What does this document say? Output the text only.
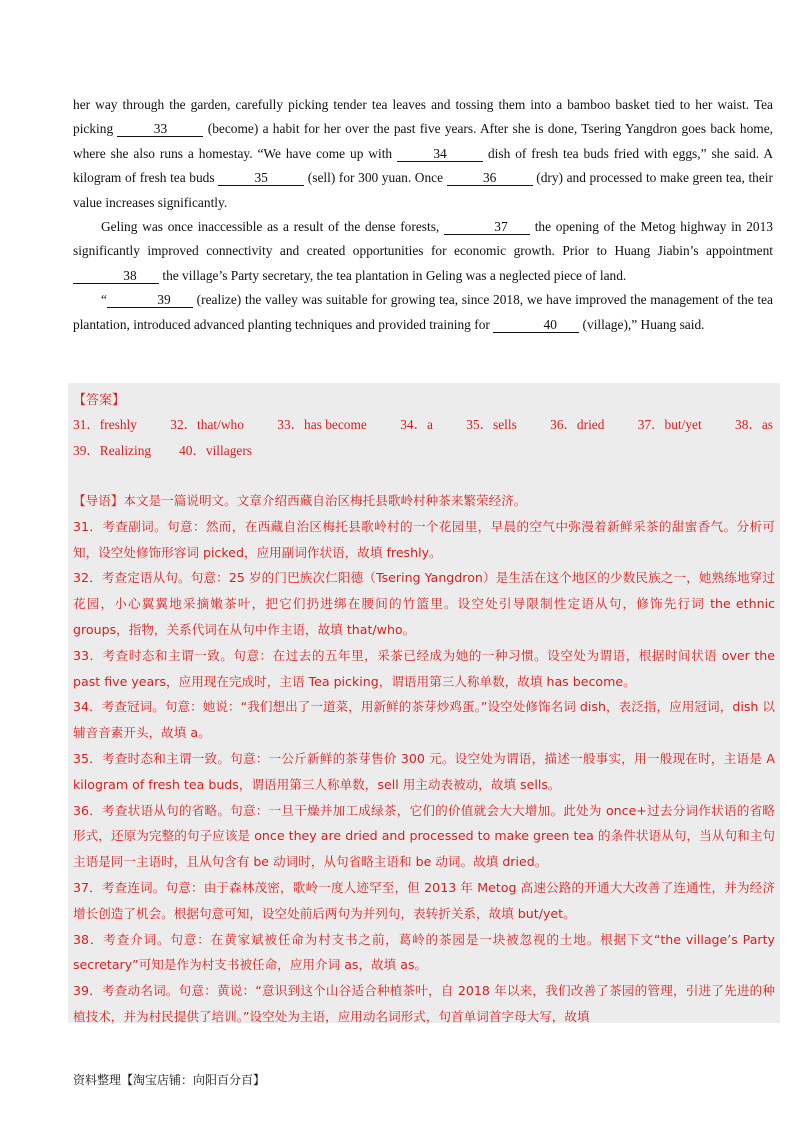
her way through the garden, carefully picking tender tea leaves and tossing them into a bamboo basket tied to her waist. Tea picking	33	(become) a habit for her over the past five years. After she is done, Tsering Yangdron goes back home, where she also runs a homestay. “We have come up with	34	dish of fresh tea buds fried with eggs,” she said. A kilogram of fresh tea buds	35	(sell) for 300 yuan. Once	36	(dry) and processed to make green tea, their value increases significantly.

Geling was once inaccessible as a result of the dense forests,	37 the opening of the Metog highway in 2013 significantly improved connectivity and created opportunities for economic growth. Prior to Huang Jiabin’s appointment 38 the village’s Party secretary, the tea plantation in Geling was a neglected piece of land.

“	39 (realize) the valley was suitable for growing tea, since 2018, we have improved the management of the tea plantation, introduced advanced planting techniques and provided training for	40 (village),” Huang said.

【答案】
31．freshly 32．that/who 33．has become 34．a 35．sells 36．dried 37．but/yet 38．as
39．Realizing 40．villagers

【导语】本文是一篇说明文。文章介绍西藏自治区梅托县歌岭村种茶来繁荣经济。

31．考查副词。句意：然而，在西藏自治区梅托县歌岭村的一个花园里，早晨的空气中弥漫着新鲜采茶的甜蜜香气。分析可知，设空处修饰形容词 picked，应用副词作状语，故填 freshly。

32．考查定语从句。句意：25 岁的门巴族次仁阳德（Tsering Yangdron）是生活在这个地区的少数民族之一，她熟练地穿过花园，小心翼翼地采摘嫩茶叶，把它们扔进绑在腰间的竹篮里。设空处引导限制性定语从句，修饰先行词 the ethnic groups，指物，关系代词在从句中作主语，故填 that/who。

33．考查时态和主谓一致。句意：在过去的五年里，采茶已经成为她的一种习惯。设空处为谓语，根据时间状语 over the past five years，应用现在完成时，主语 Tea picking，谓语用第三人称单数，故填 has become。

34．考查冠词。句意：她说：“我们想出了一道菜，用新鲜的茶芽炒鸡蛋。”设空处修饰名词 dish，表泛指，应用冠词，dish 以辅音音素开头，故填 a。

35．考查时态和主谓一致。句意：一公斤新鲜的茶芽售价 300 元。设空处为谓语，描述一般事实，用一般现在时，主语是 A kilogram of fresh tea buds，谓语用第三人称单数，sell 用主动表被动，故填 sells。

36．考查状语从句的省略。句意：一旦干燥并加工成绿茶，它们的价值就会大大增加。此处为 once+过去分词作状语的省略形式，还原为完整的句子应该是 once they are dried and processed to make green tea 的条件状语从句，当从句和主句主语是同一主语时，且从句含有 be 动词时，从句省略主语和 be 动词。故填 dried。

37．考查连词。句意：由于森林茂密，歌岭一度人迹罕至，但 2013 年 Metog 高速公路的开通大大改善了连通性，并为经济增长创造了机会。根据句意可知，设空处前后两句为并列句，表转折关系，故填 but/yet。

38．考查介词。句意：在黄家斌被任命为村支书之前，葛岭的茶园是一块被忽视的土地。根据下文“the village’s Party secretary”可知是作为村支书被任命，应用介词 as，故填 as。

39．考查动名词。句意：黄说：“意识到这个山谷适合种植茶叶，自 2018 年以来，我们改善了茶园的管理，引进了先进的种植技术，并为村民提供了培训。”设空处为主语，应用动名词形式，句首单词首字母大写，故填

资料整理【淘宝店铺：向阳百分百】
